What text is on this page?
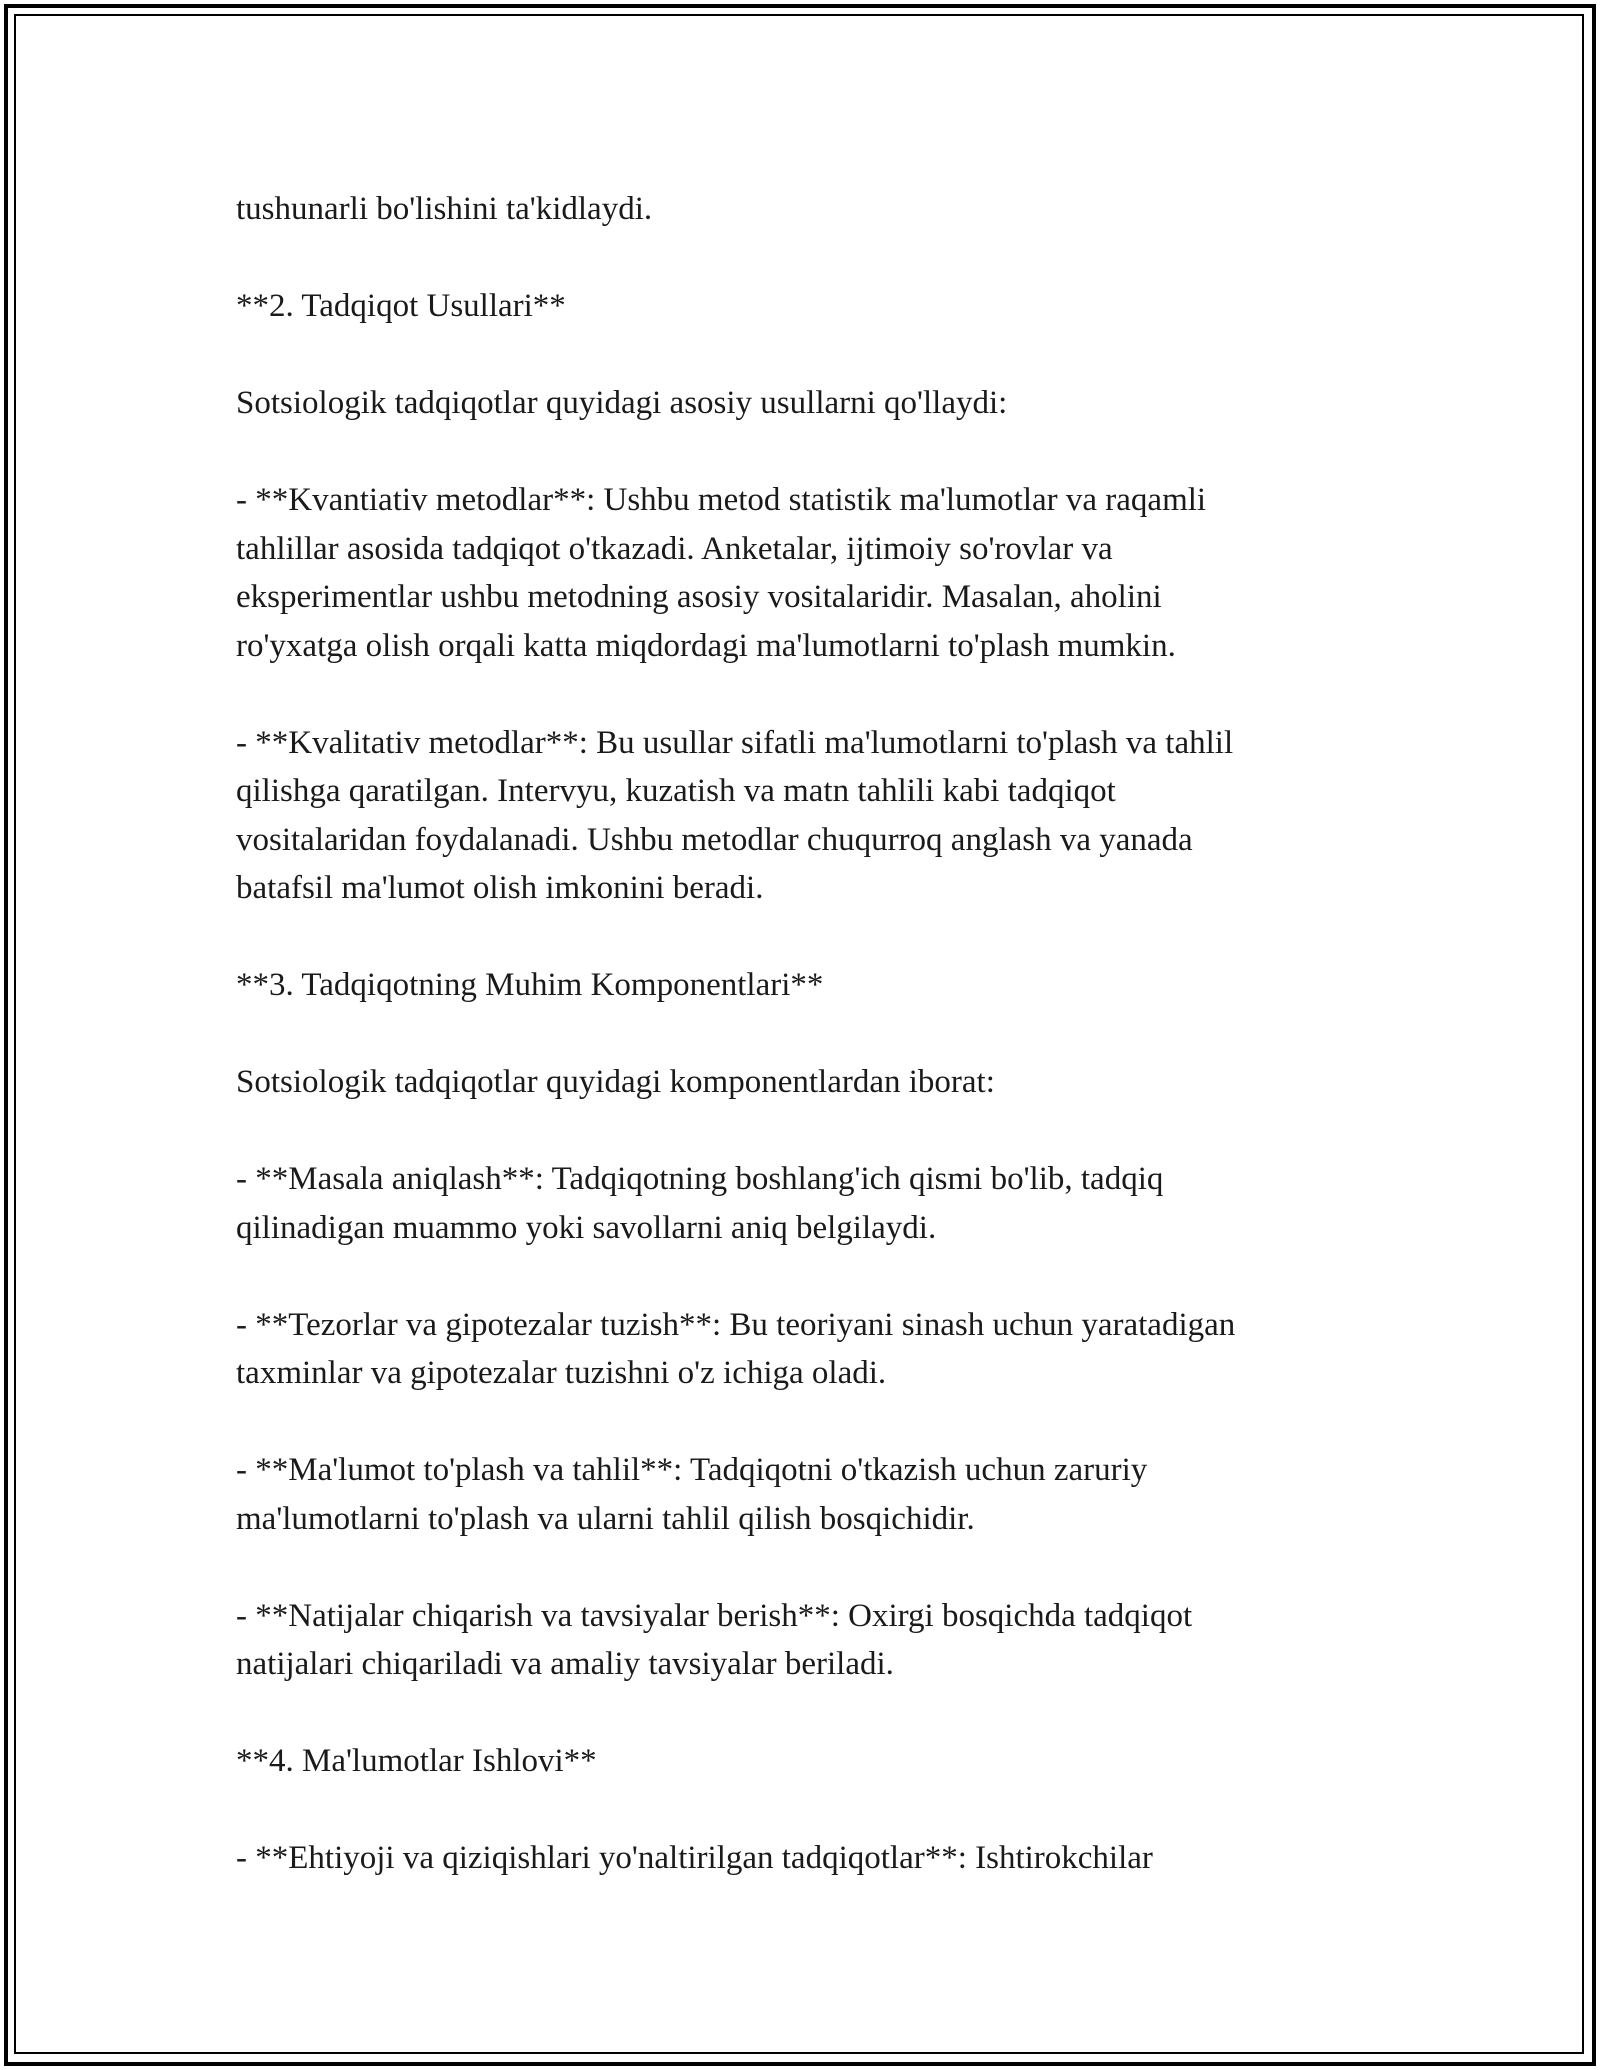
tushunarli bo'lishini ta'kidlaydi.

**2. Tadqiqot Usullari**

Sotsiologik tadqiqotlar quyidagi asosiy usullarni qo'llaydi:

- **Kvantiativ metodlar**: Ushbu metod statistik ma'lumotlar va raqamli
tahlillar asosida tadqiqot o'tkazadi. Anketalar, ijtimoiy so'rovlar va
eksperimentlar ushbu metodning asosiy vositalaridir. Masalan, aholini
ro'yxatga olish orqali katta miqdordagi ma'lumotlarni to'plash mumkin.

- **Kvalitativ metodlar**: Bu usullar sifatli ma'lumotlarni to'plash va tahlil
qilishga qaratilgan. Intervyu, kuzatish va matn tahlili kabi tadqiqot
vositalaridan foydalanadi. Ushbu metodlar chuqurroq anglash va yanada
batafsil ma'lumot olish imkonini beradi.

**3. Tadqiqotning Muhim Komponentlari**

Sotsiologik tadqiqotlar quyidagi komponentlardan iborat:

- **Masala aniqlash**: Tadqiqotning boshlang'ich qismi bo'lib, tadqiq
qilinadigan muammo yoki savollarni aniq belgilaydi.

- **Tezorlar va gipotezalar tuzish**: Bu teoriyani sinash uchun yaratadigan
taxminlar va gipotezalar tuzishni o'z ichiga oladi.

- **Ma'lumot to'plash va tahlil**: Tadqiqotni o'tkazish uchun zaruriy
ma'lumotlarni to'plash va ularni tahlil qilish bosqichidir.

- **Natijalar chiqarish va tavsiyalar berish**: Oxirgi bosqichda tadqiqot
natijalari chiqariladi va amaliy tavsiyalar beriladi.

**4. Ma'lumotlar Ishlovi**

- **Ehtiyoji va qiziqishlari yo'naltirilgan tadqiqotlar**: Ishtirokchilar
